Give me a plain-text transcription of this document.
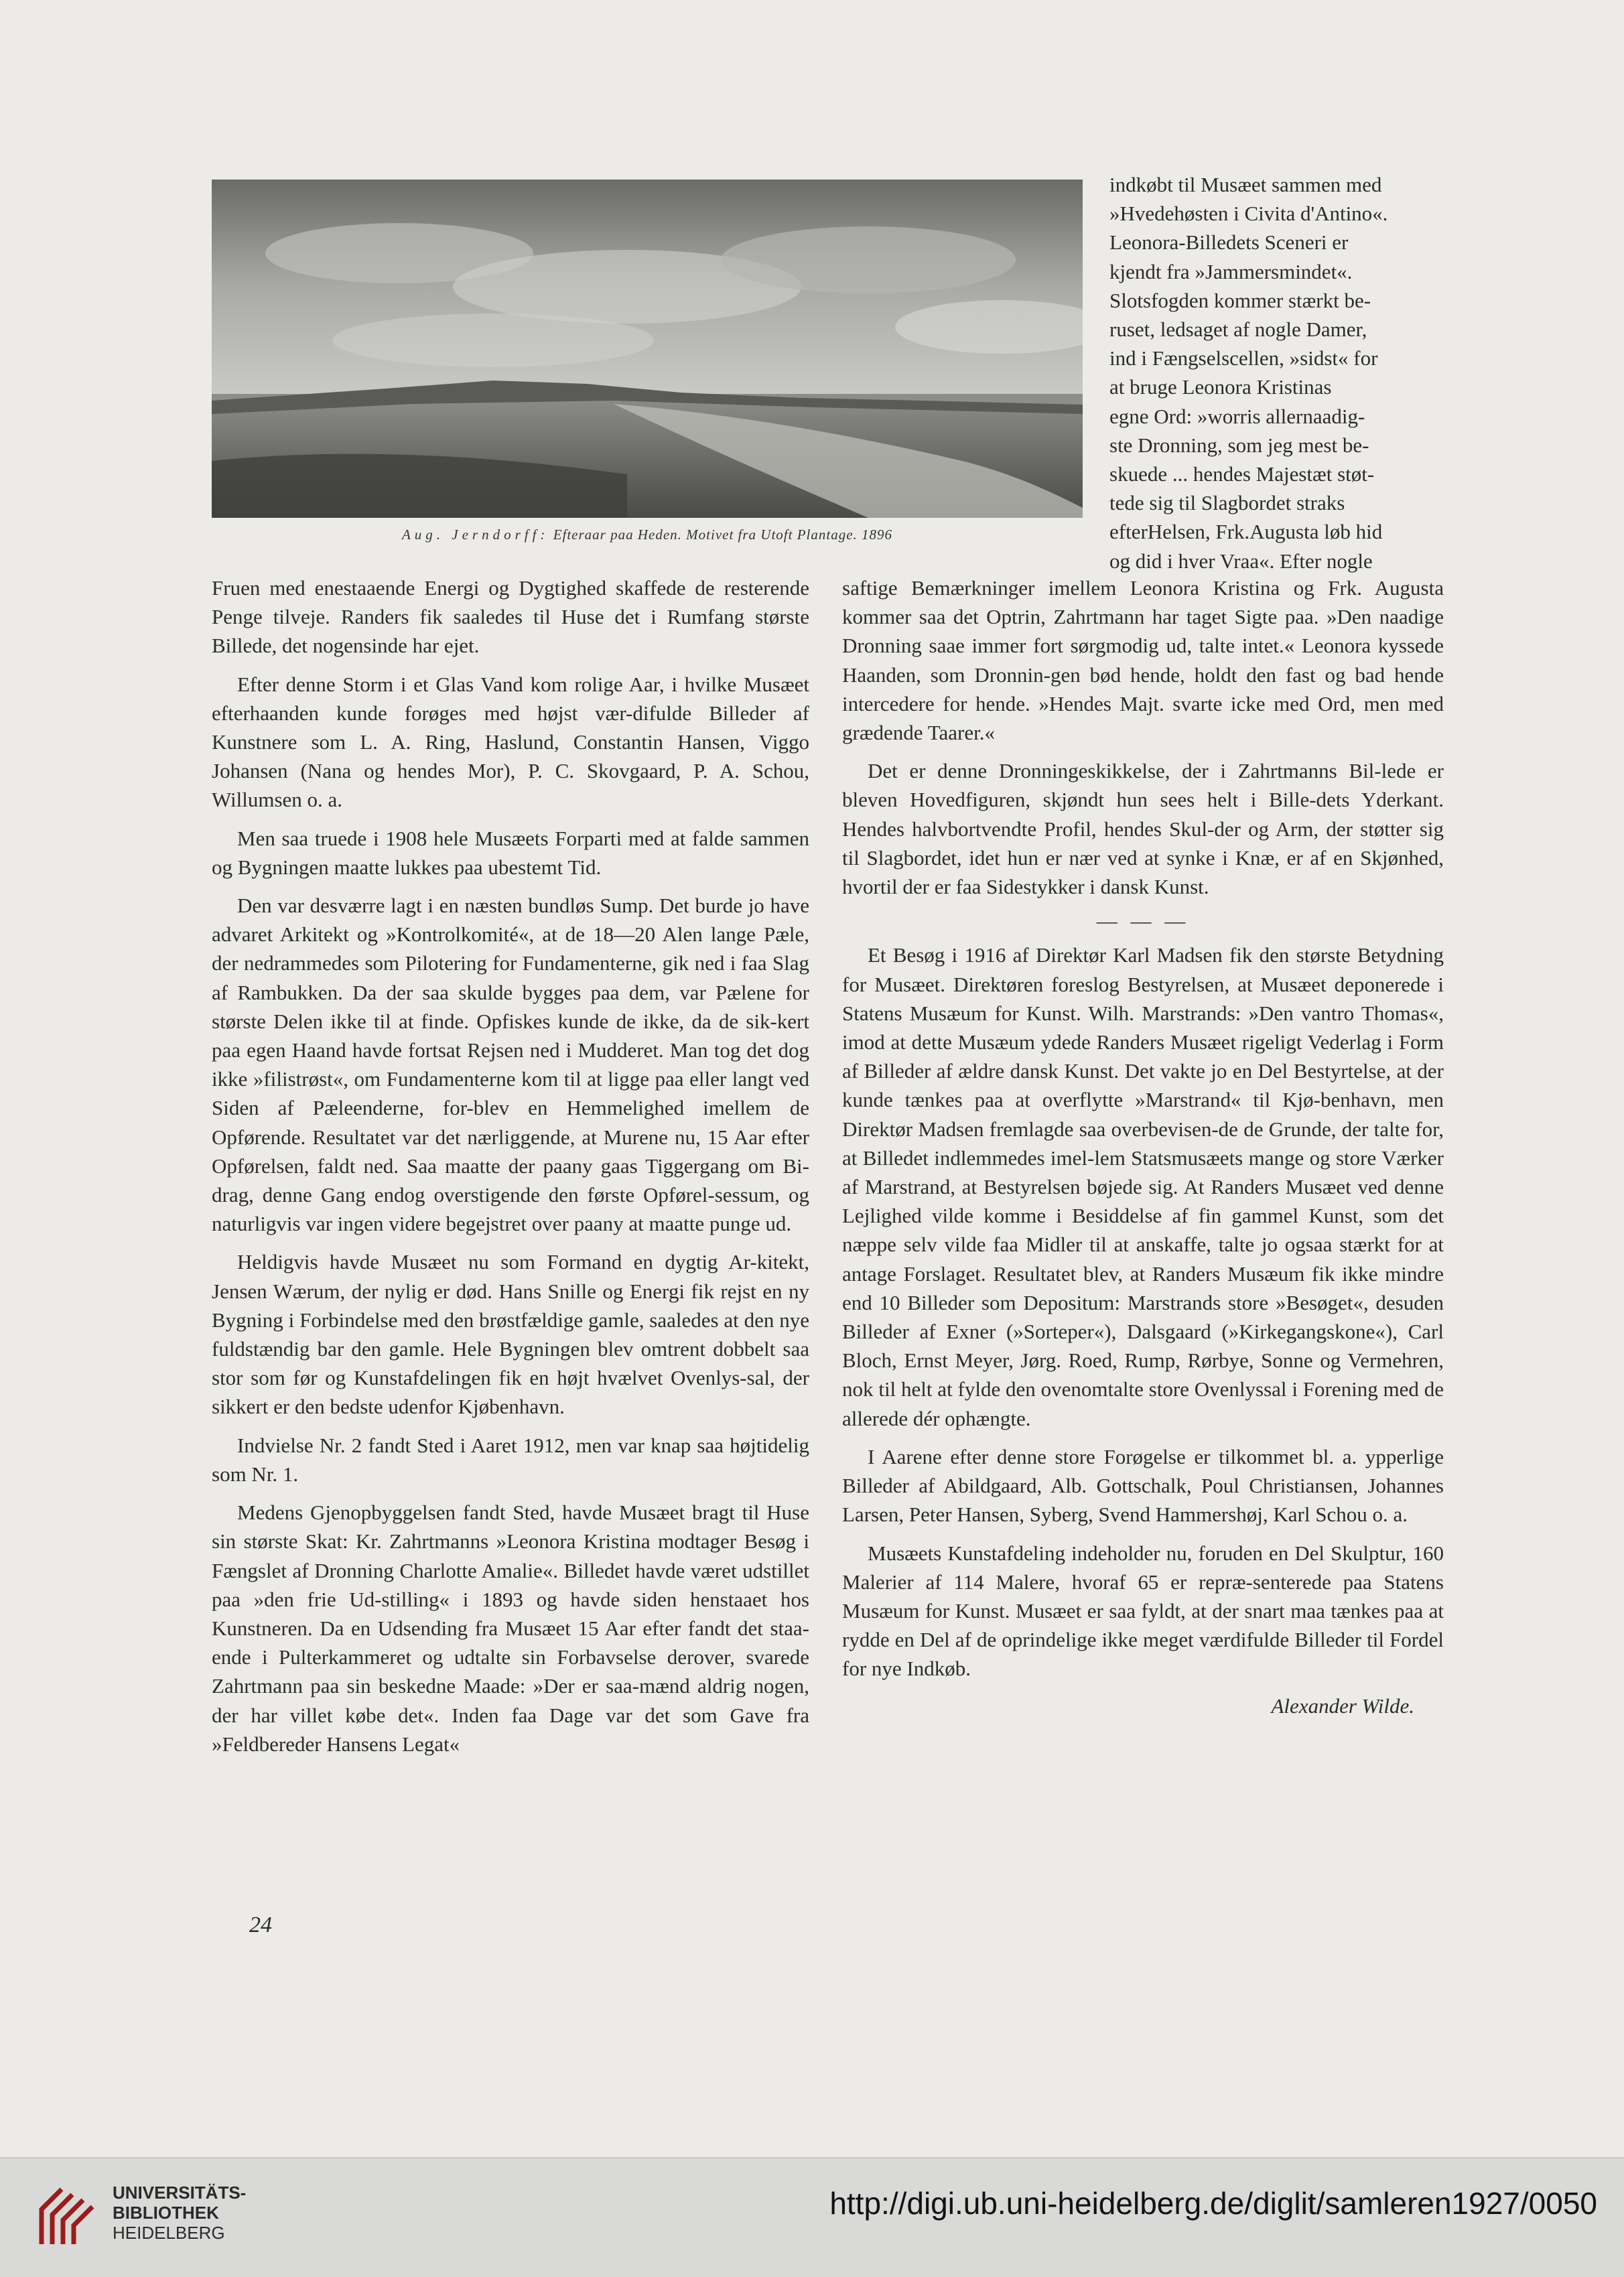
Aug. Jerndorff: Efteraar paa Heden. Motivet fra Utoft Plantage. 1896
indkøbt til Musæet sammen med
»Hvedehøsten i Civita d'Antino«.
Leonora-Billedets Sceneri er
kjendt fra »Jammersmindet«.
Slotsfogden kommer stærkt be-
ruset, ledsaget af nogle Damer,
ind i Fængselscellen, »sidst« for
at bruge Leonora Kristinas
egne Ord: »worris allernaadig-
ste Dronning, som jeg mest be-
skuede ... hendes Majestæt støt-
tede sig til Slagbordet straks
efterHelsen, Frk.Augusta løb hid
og did i hver Vraa«. Efter nogle

Fruen med enestaaende Energi og Dygtighed skaffede de resterende Penge tilveje. Randers fik saaledes til Huse det i Rumfang største Billede, det nogensinde har ejet.

Efter denne Storm i et Glas Vand kom rolige Aar, i hvilke Musæet efterhaanden kunde forøges med højst vær-difulde Billeder af Kunstnere som L. A. Ring, Haslund, Constantin Hansen, Viggo Johansen (Nana og hendes Mor), P. C. Skovgaard, P. A. Schou, Willumsen o. a.

Men saa truede i 1908 hele Musæets Forparti med at falde sammen og Bygningen maatte lukkes paa ubestemt Tid.

Den var desværre lagt i en næsten bundløs Sump. Det burde jo have advaret Arkitekt og »Kontrolkomité«, at de 18—20 Alen lange Pæle, der nedrammedes som Pilotering for Fundamenterne, gik ned i faa Slag af Rambukken. Da der saa skulde bygges paa dem, var Pælene for største Delen ikke til at finde. Opfiskes kunde de ikke, da de sik-kert paa egen Haand havde fortsat Rejsen ned i Mudderet. Man tog det dog ikke »filistrøst«, om Fundamenterne kom til at ligge paa eller langt ved Siden af Pæleenderne, for-blev en Hemmelighed imellem de Opførende. Resultatet var det nærliggende, at Murene nu, 15 Aar efter Opførelsen, faldt ned. Saa maatte der paany gaas Tiggergang om Bi-drag, denne Gang endog overstigende den første Opførel-sessum, og naturligvis var ingen videre begejstret over paany at maatte punge ud.

Heldigvis havde Musæet nu som Formand en dygtig Ar-kitekt, Jensen Wærum, der nylig er død. Hans Snille og Energi fik rejst en ny Bygning i Forbindelse med den brøstfældige gamle, saaledes at den nye fuldstændig bar den gamle. Hele Bygningen blev omtrent dobbelt saa stor som før og Kunstafdelingen fik en højt hvælvet Ovenlys-sal, der sikkert er den bedste udenfor Kjøbenhavn.

Indvielse Nr. 2 fandt Sted i Aaret 1912, men var knap saa højtidelig som Nr. 1.

Medens Gjenopbyggelsen fandt Sted, havde Musæet bragt til Huse sin største Skat: Kr. Zahrtmanns »Leonora Kristina modtager Besøg i Fængslet af Dronning Charlotte Amalie«. Billedet havde været udstillet paa »den frie Ud-stilling« i 1893 og havde siden henstaaet hos Kunstneren. Da en Udsending fra Musæet 15 Aar efter fandt det staa-ende i Pulterkammeret og udtalte sin Forbavselse derover, svarede Zahrtmann paa sin beskedne Maade: »Der er saa-mænd aldrig nogen, der har villet købe det«. Inden faa Dage var det som Gave fra »Feldbereder Hansens Legat«

saftige Bemærkninger imellem Leonora Kristina og Frk. Augusta kommer saa det Optrin, Zahrtmann har taget Sigte paa. »Den naadige Dronning saae immer fort sørgmodig ud, talte intet.« Leonora kyssede Haanden, som Dronnin-gen bød hende, holdt den fast og bad hende intercedere for hende. »Hendes Majt. svarte icke med Ord, men med grædende Taarer.«

Det er denne Dronningeskikkelse, der i Zahrtmanns Bil-lede er bleven Hovedfiguren, skjøndt hun sees helt i Bille-dets Yderkant. Hendes halvbortvendte Profil, hendes Skul-der og Arm, der støtter sig til Slagbordet, idet hun er nær ved at synke i Knæ, er af en Skjønhed, hvortil der er faa Sidestykker i dansk Kunst.

— — —

Et Besøg i 1916 af Direktør Karl Madsen fik den største Betydning for Musæet. Direktøren foreslog Bestyrelsen, at Musæet deponerede i Statens Musæum for Kunst. Wilh. Marstrands: »Den vantro Thomas«, imod at dette Musæum ydede Randers Musæet rigeligt Vederlag i Form af Billeder af ældre dansk Kunst. Det vakte jo en Del Bestyrtelse, at der kunde tænkes paa at overflytte »Marstrand« til Kjø-benhavn, men Direktør Madsen fremlagde saa overbevisen-de de Grunde, der talte for, at Billedet indlemmedes imel-lem Statsmusæets mange og store Værker af Marstrand, at Bestyrelsen bøjede sig. At Randers Musæet ved denne Lejlighed vilde komme i Besiddelse af fin gammel Kunst, som det næppe selv vilde faa Midler til at anskaffe, talte jo ogsaa stærkt for at antage Forslaget. Resultatet blev, at Randers Musæum fik ikke mindre end 10 Billeder som Depositum: Marstrands store »Besøget«, desuden Billeder af Exner (»Sorteper«), Dalsgaard (»Kirkegangskone«), Carl Bloch, Ernst Meyer, Jørg. Roed, Rump, Rørbye, Sonne og Vermehren, nok til helt at fylde den ovenomtalte store Ovenlyssal i Forening med de allerede dér ophængte.

I Aarene efter denne store Forøgelse er tilkommet bl. a. ypperlige Billeder af Abildgaard, Alb. Gottschalk, Poul Christiansen, Johannes Larsen, Peter Hansen, Syberg, Svend Hammershøj, Karl Schou o. a.

Musæets Kunstafdeling indeholder nu, foruden en Del Skulptur, 160 Malerier af 114 Malere, hvoraf 65 er repræ-senterede paa Statens Musæum for Kunst. Musæet er saa fyldt, at der snart maa tænkes paa at rydde en Del af de oprindelige ikke meget værdifulde Billeder til Fordel for nye Indkøb.

Alexander Wilde.
24
UNIVERSITÄTS-
BIBLIOTHEK
HEIDELBERG
http://digi.ub.uni-heidelberg.de/diglit/samleren1927/0050
